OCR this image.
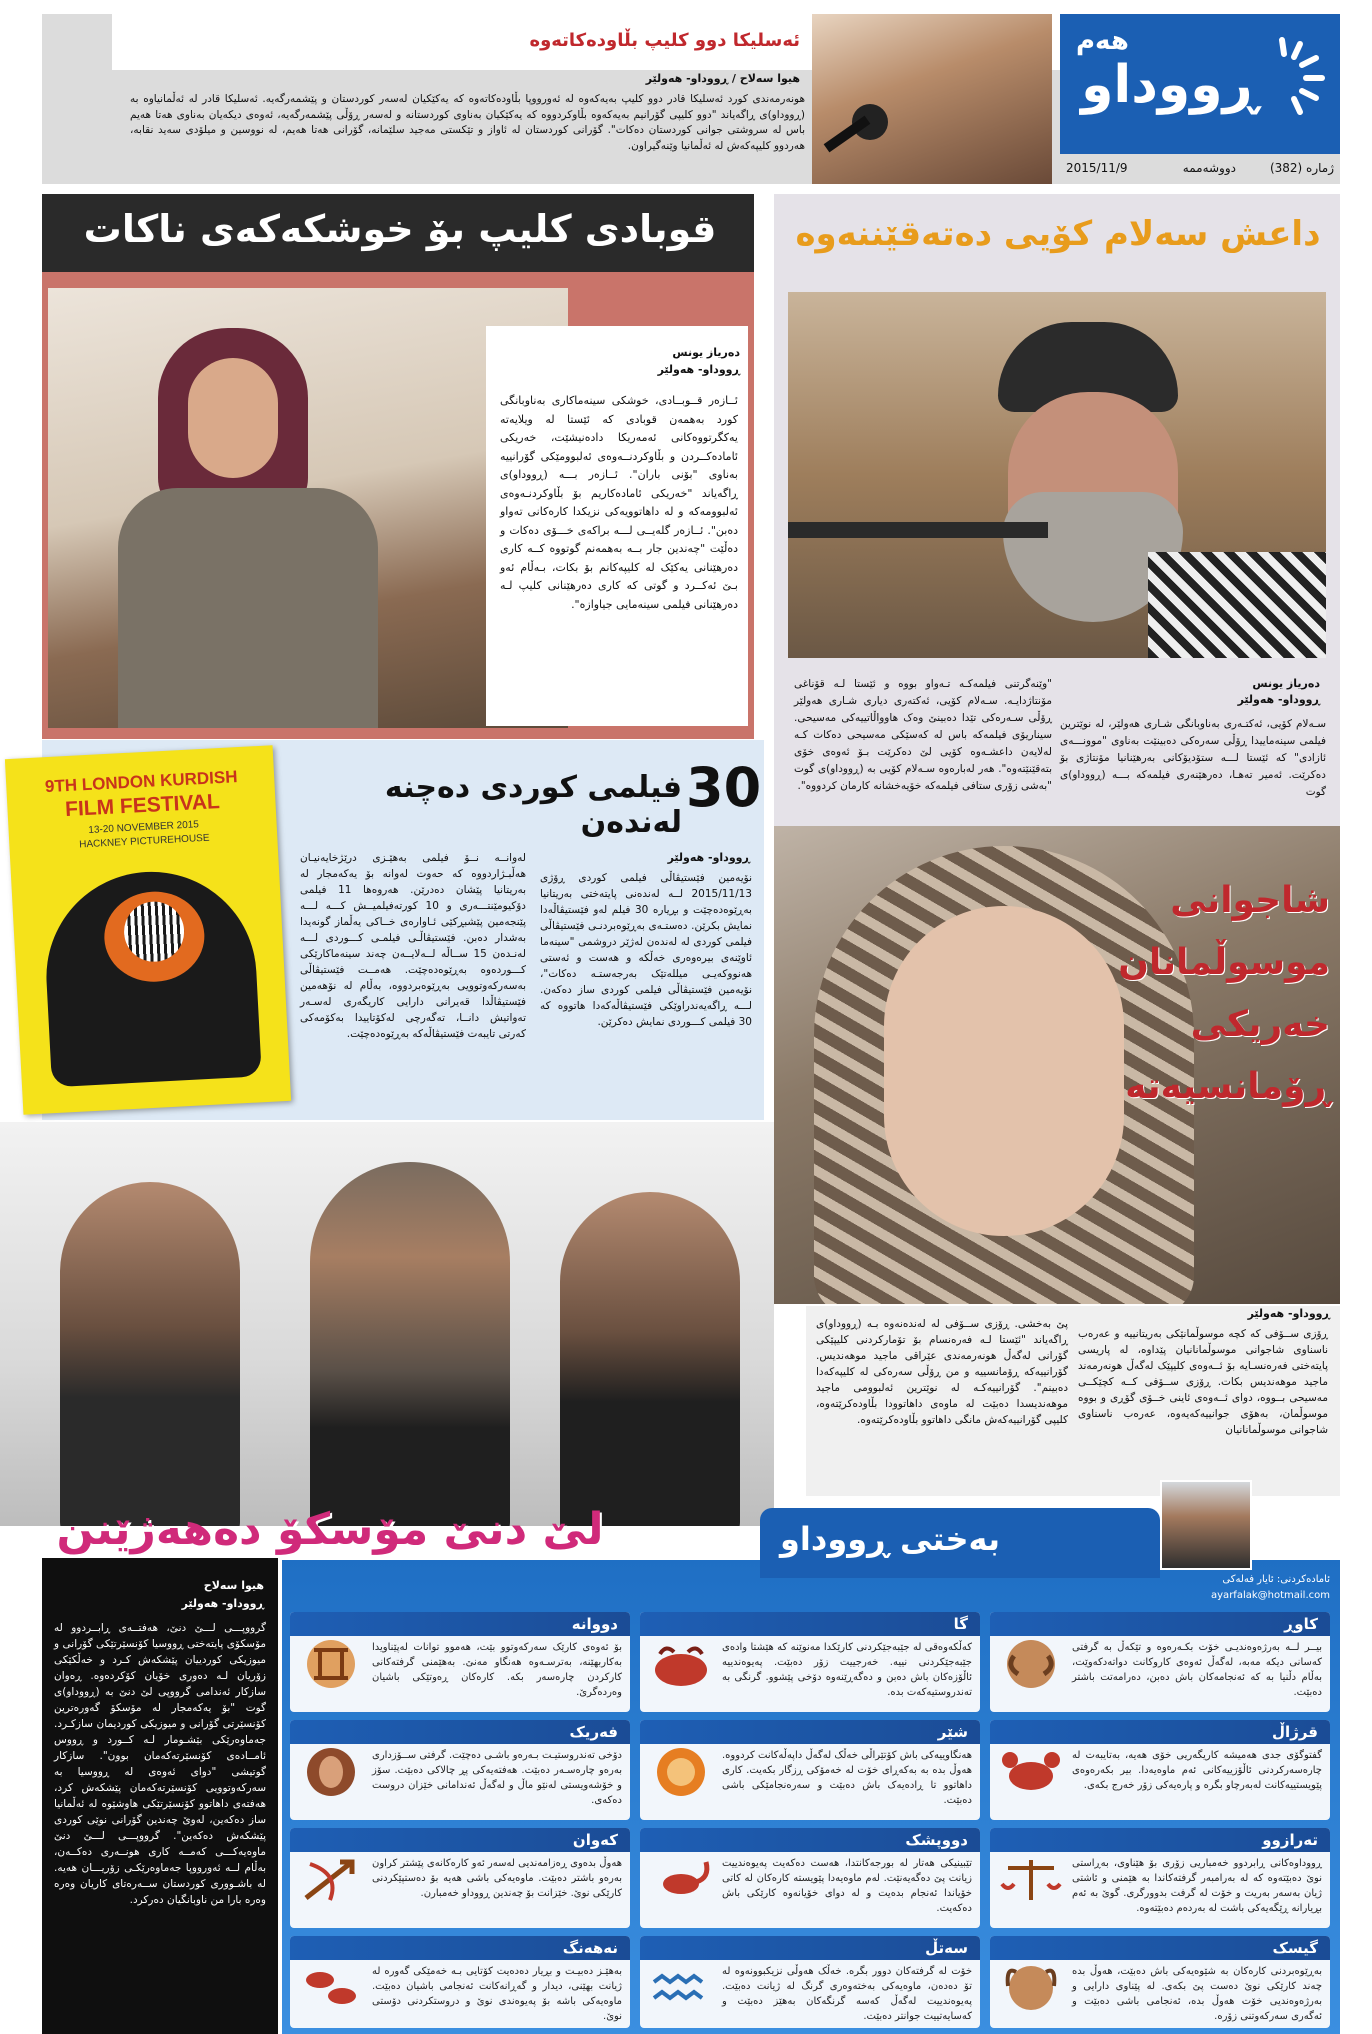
ئەسلیکا دوو کلیپ بڵاودەکاتەوە
هیوا سەلاح / ڕووداو- هەولێر
هونەرمەندی کورد ئەسلیکا قادر دوو کلیپ بەیەکەوە لە ئەورووپا بڵاودەکاتەوە کە یەکێکیان لەسەر کوردستان و پێشمەرگەیە. ئەسلیکا قادر لە ئەڵمانیاوە بە (ڕووداو)ی ڕاگەیاند "دوو کلیپی گۆرانیم بەیەکەوە بڵاوکردووە کە یەکێکیان بەناوی کوردستانە و لەسەر ڕۆڵی پێشمەرگەیە، ئەوەی دیکەیان بەناوی هەتا هەیم باس لە سروشتی جوانی کوردستان دەکات". گۆرانی کوردستان لە ئاواز و تێکستی مەجید سلێمانە، گۆرانی هەتا هەیم، لە نووسین و میلۆدی سەید نقابە، هەردوو کلیپەکەش لە ئەڵمانیا وێنەگیراون.
ڕووداو
هەم
ژمارە (382)
دووشەممە
2015/11/9
قوبادی کلیپ بۆ خوشکەکەی ناکات
دەریاز یونس
ڕووداو- هەولێر
ئــازەر قــوبــادی، خوشکی سینەماکاری بەناوبانگی کورد بەهمەن قوبادی کە ئێستا لە ویلایەتە یەکگرتووەکانی ئەمەریکا دادەنیشێت، خەریکی ئامادەکــردن و بڵاوکردنــەوەی ئەلبوومێکی گۆرانییە بەناوی "بۆنی باران". ئــازەر بـــە (ڕووداو)ی ڕاگەیاند "خەریکی ئامادەکاریم بۆ بڵاوکردنـەوەی ئەلبوومەکە و لە داهاتوویەکی نزیکدا کارەکانی تەواو دەبن". ئــازەر گلەیــی لـــە براکەی خـــۆی دەکات و دەڵێت "چەندین جار بــە بەهمەنم گوتووە کــە کاری دەرهێنانی یەکێک لە کلیپەکانم بۆ بکات، بـەڵام ئەو بـێ ئەکــرد و گوتی کە کاری دەرهێنانی کلیپ لـە دەرهێنانی فیلمی سینەمایی جیاوازە".
داعش سەلام کۆیی دەتەقێننەوە
دەریاز یونس
ڕووداو- هەولێر
سـەلام کۆیی، ئەکتـەری بەناوبانگی شـاری هەولێر، لە نوێترین فیلمی سینەماییدا ڕۆڵی سەرەکی دەبینێت بەناوی "موونـــەی ئازادی" کە ئێستا لـــە ستۆدیۆکانی بەرهێنانیا مۆنتاژی بۆ دەکرێت. ئەمیر تەهـا، دەرهێنەری فیلمەکە بـــە (ڕووداو)ی گوت
"وێنەگرتنی فیلمەکـە تـەواو بووە و ئێستا لـە قۆناغی مۆنتاژدایـە. سـەلام کۆیی، ئەکتەری دیاری شـاری هەولێر ڕۆڵی سـەرەکی تێدا دەبینێ وەک هاوواڵاتییەکی مەسیحی. سیناریۆی فیلمەکە باس لە کەسێکی مەسیحی دەکات کـە لەلایەن داعشـەوە کۆیی لێ دەکرێت بـۆ ئەوەی خۆی بتەقێنێتەوە". هەر لەبارەوە سـەلام کۆیی بە (ڕووداو)ی گوت "بەشی زۆری ستافی فیلمەکە خۆیەخشانە کارمان کردووە".
9TH LONDON KURDISH
FILM FESTIVAL
13-20 NOVEMBER 2015
HACKNEY PICTUREHOUSE
30
فیلمی کوردی دەچنە لەندەن
ڕووداو- هەولێر
نۆیەمین فێستیڤاڵی فیلمی کوردی ڕۆژی 2015/11/13 لــە لەندەنی پایتەختی بەریتانیا بەڕێوەدەچێت و بڕیارە 30 فیلم لەو فێستیڤاڵەدا نمایش بکرێن. دەستـەی بەڕێوەبردنـی فێستیڤاڵی فیلمی کوردی لە لەندەن لەژێر دروشمی "سینەما ئاوێنەی بیرەوەری خەڵکە و هەست و ئەستی هەنووکەیـی میللەتێک بەرجەستـە دەکات"، نۆیەمین فێستیڤاڵی فیلمی کوردی ساز دەکەن. لـــە ڕاگەیەندراوێکی فێستیڤاڵەکەدا هاتووە کە 30 فیلمی کـــوردی نمایش دەکرێن.
لەوانــە نــۆ فیلمی بەهێـزی درێژخایەنیـان هەڵبـژاردووە کە حەوت لەوانە بۆ یەکەمجار لە بەریتانیا پێشان دەدرێن. هەروەها 11 فیلمی دۆکیومێنتـــەری و 10 کورتەفیلمیــش کـــە لـــە پێنجەمین پێشبڕکێی ئـاوارەی خــاکی یەڵماز گونەیدا بەشدار دەبن. فێستیڤاڵـی فیلمـی کـــوردی لـــە لەنـدەن 15 ســاڵە لــەلایــەن چەند سینەماکارێکی کـــوردەوە بەڕێوەدەچێت. هەمــت فێستیڤاڵی بەسەرکەوتوویی بەڕێوەبردووە، بەڵام لە نۆهەمین فێستیڤاڵدا قەیرانی دارایی کاریگەری لەسـەر تەواتیش دانــا، تەگەرچی لەکۆتاییدا بەکۆمەکی کەرتی تایبەت فێستیڤاڵەکە بەڕێوەدەچێت.
شاجوانی
موسوڵمانان
خەریکی
ڕۆمانسیەتە
ڕووداو- هەولێر
ڕۆزی ســۆفی کە کچە موسوڵمانێکی بەریتانییە و عەرەب ناسناوی شاجوانی موسوڵمانانیان پێداوە، لە پاریسی پایتەختی فەرەنسـایە بۆ ئــەوەی کلیپێک لەگەڵ هونەرمەند ماجید موهەندیس بکات. ڕۆزی ســۆفی کــە کچێکــی مەسیحی بــووە، دوای ئــەوەی ئاینی خــۆی گۆڕی و بووە موسوڵمان، بەهۆی جوانییەکەیەوە، عەرەب ناسناوی شاجوانی موسوڵمانانیان
پێ بەخشی. ڕۆزی ســۆفی لە لەندەنەوە بـە (ڕووداو)ی ڕاگەیاند "ئێستا لـە فەرەنسام بۆ تۆمارکردنی کلیپێکی گۆرانی لەگەڵ هونەرمەندی عێراقی ماجید موهەندیس. گۆرانییەکە ڕۆمانسییە و من ڕۆڵی سەرەکی لە کلیپەکەدا دەبینم". گۆرانییەکـە لە نوێترین ئەلبوومی ماجید موهەندیسدا دەبێت لە ماوەی داهاتوودا بڵاودەکرێتەوە، کلیپی گۆرانییەکەش مانگی داهاتوو بڵاودەکرێتەوە.
لێ دنێ مۆسکۆ دەهەژێنن
هیوا سەلاح
ڕووداو- هەولێر
گرووپـــی لـــێ دنێ، هەفتــەی ڕابــردوو لە مۆسکۆی پایتەختی ڕووسیا کۆنسێرتێکی گۆرانی و میوزیکی کوردییان پێشکەش کـرد و خەڵکێکی زۆریان لـە دەوری خۆیان کۆکردەوە. ڕەوان سازکار ئەندامی گرووپی لێ دنێ بە (ڕووداو)ی گوت "بۆ یەکەمجار لە مۆسکۆ گەورەترین کۆنسێرتی گۆرانی و میوزیکی کوردیمان سازکـرد. جەماوەرێکی بێشـومار لـە کــورد و ڕووس ئامــادەی کۆنسێرتەکەمان بوون". سازکار گوتیشی "دوای ئەوەی لە ڕووسیا بە سەرکەوتوویی کۆنسێرتەکەمان پێشکەش کرد، هەفتەی داهاتوو کۆنسێرتێکی هاوشێوە لە ئەڵمانیا ساز دەکەین، لەوێ چەندین گۆرانی نوێی کوردی پێشکەش دەکەین". گرووپـــی لـــێ دنێ ماوەیەکـــی کەمــە کاری هونــەری دەکــەن، بەڵام لــە ئەورووپا جەماوەرێکـی زۆریـــان هەیە. لە باشـووری کوردستان ســەرەتای کاریان وەرە وەرە بارا من ناوبانگیان دەرکرد.
بەختی ڕووداو
ئامادەکردنی: ئایار فەلەکی
ayarfalak@hotmail.com
کاوڕ
بیــر لــە بەرژەوەندیـی خۆت بکـەرەوە و تێکەڵ بە گرفتی کەسانی دیکە مەبە، لەگەڵ ئەوەی کاروکانت دواتەدکەوێت، بەڵام دڵنیا بە کە ئەنجامەکان باش دەبن، دەرامەتت باشتر دەبێت.
گا
کەڵکەوەقی لە جێبەجێکردنی کارێکدا مەنوێنە کە هێشتا وادەی جێبەجێکردنی نییە. خەرجییت زۆر دەبێت. پەیوەندییە ئاڵۆزەکان باش دەبن و دەگەڕێنەوە دۆخی پێشوو. گرنگی بە تەندروستیەکەت بدە.
دووانە
بۆ ئەوەی کارێک سەرکەوتوو بێت، هەموو توانات لەپێناویدا بەکاربهێنە، بەترسـەوە هەنگاو مەنێ. بەهێمنی گرفتەکانی کارکردن چارەسەر بکە. کارەکان ڕەوتێکی باشیان وەردەگرێ.
قرژاڵ
گفتوگۆی جدی هەمیشە کاریگەریی خۆی هەیە، بەتایبەت لە چارەسەرکردنی ئاڵۆزییەکانی ئەم ماوەیەدا. بیر بکەرەوەی پێویستییەکانت لەبەرچاو بگرە و پارەیەکی زۆر خەرج بکەی.
شێر
هەنگاوییەکی باش کۆتێراڵی خەڵک لەگەڵ داپەڵەکانت کردووە. هەوڵ بدە بە بەکەڕای خۆت لە خەمۆکی ڕزگار بکەیت. کاری داهاتوو تا ڕادەیەک باش دەبێت و سەرەنجامێکی باشی دەبێت.
فەریک
دۆخی تەندروستیـت بـەرەو باشـی دەچێت. گرفتی ســۆزداری بەرەو چارەسـەر دەبێت. هەفتەیەکی پڕ چالاکی دەبێت. سۆز و خۆشەویستی لەنێو ماڵ و لەگەڵ ئەندامانی خێزان دروست دەکەی.
تەرازوو
ڕووداوەکانی ڕابردوو خەمباریی زۆری بۆ هێناوی، بەڕاستی نوێ دەبێتەوە کە لە بەرامبەر گرفتەکاندا بە هێمنی و ئاشتی ژیان بەسەر بەریت و خۆت لە گرفت بدوورگری. گوێ بە ئەم بڕیارانە ڕێگەیەکی باشت لە بەردەم دەبێتەوە.
دووپشک
تێبینیکی هەتار لە بورجەکانتدا، هەست دەکەیت پەیوەندییت زیانت پێ دەگەیەنێت. لەم ماوەیەدا پێویستە کارەکان لە کاتی خۆیاندا ئەنجام بدەیت و لە دوای خۆیانەوە کارێکی باش دەکەیت.
کەوان
هەوڵ بدەوی ڕەزامەندیی لەسەر ئەو کارەکانەی پێشتر کراون بەرەو باشتر دەبێت. ماوەیەکی باشی هەیە بۆ دەستپێکردنی کارێکی نوێ. خێزانت بۆ چەندین ڕووداو خەمبارن.
گیسک
بەڕێوەبردنی کارەکان بە شێوەیەکی باش دەبێت، هەوڵ بدە چەند کارێکی نوێ دەست پێ بکەی. لە پێناوی دارایی و بەرژەوەندیی خۆت هەوڵ بدە، ئەنجامی باشی دەبێت و ئەگەری سەرکەوتنی زۆرە.
سەتڵ
خۆت لە گرفتەکان دوور بگرە. خەڵک هەوڵی نزیکبوونەوە لە تۆ دەدەن، ماوەیەکی بەختەوەری گرنگ لە ژیانت دەبێت. پەیوەندییت لەگەڵ کەسە گرنگەکان بەهێز دەبێت و کەسایەتییت جوانتر دەبێت.
نەهەنگ
بەهێـز دەبیـت و بڕیار دەدەیت کۆتایی بـە خەمێکی گەورە لە ژیانت بهێنی، دیدار و گەڕانەکانت ئەنجامی باشیان دەبێت. ماوەیەکی باشە بۆ پەیوەندی نوێ و دروستکردنی دۆستی نوێ.
